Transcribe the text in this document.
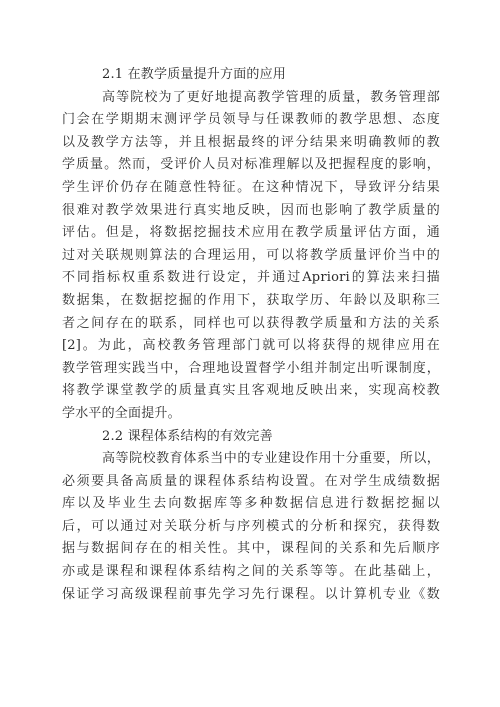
2.1 在教学质量提升方面的应用
高等院校为了更好地提高教学管理的质量，教务管理部
门会在学期期末测评学员领导与任课教师的教学思想、态度
以及教学方法等，并且根据最终的评分结果来明确教师的教
学质量。然而，受评价人员对标准理解以及把握程度的影响，
学生评价仍存在随意性特征。在这种情况下，导致评分结果
很难对教学效果进行真实地反映，因而也影响了教学质量的
评估。但是，将数据挖掘技术应用在教学质量评估方面，通
过对关联规则算法的合理运用，可以将教学质量评价当中的
不同指标权重系数进行设定，并通过Apriori的算法来扫描
数据集，在数据挖掘的作用下，获取学历、年龄以及职称三
者之间存在的联系，同样也可以获得教学质量和方法的关系
[2]。为此，高校教务管理部门就可以将获得的规律应用在
教学管理实践当中，合理地设置督学小组并制定出听课制度，
将教学课堂教学的质量真实且客观地反映出来，实现高校教
学水平的全面提升。
2.2 课程体系结构的有效完善
高等院校教育体系当中的专业建设作用十分重要，所以，
必须要具备高质量的课程体系结构设置。在对学生成绩数据
库以及毕业生去向数据库等多种数据信息进行数据挖掘以
后，可以通过对关联分析与序列模式的分析和探究，获得数
据与数据间存在的相关性。其中，课程间的关系和先后顺序
亦或是课程和课程体系结构之间的关系等等。在此基础上，
保证学习高级课程前事先学习先行课程。以计算机专业《数
